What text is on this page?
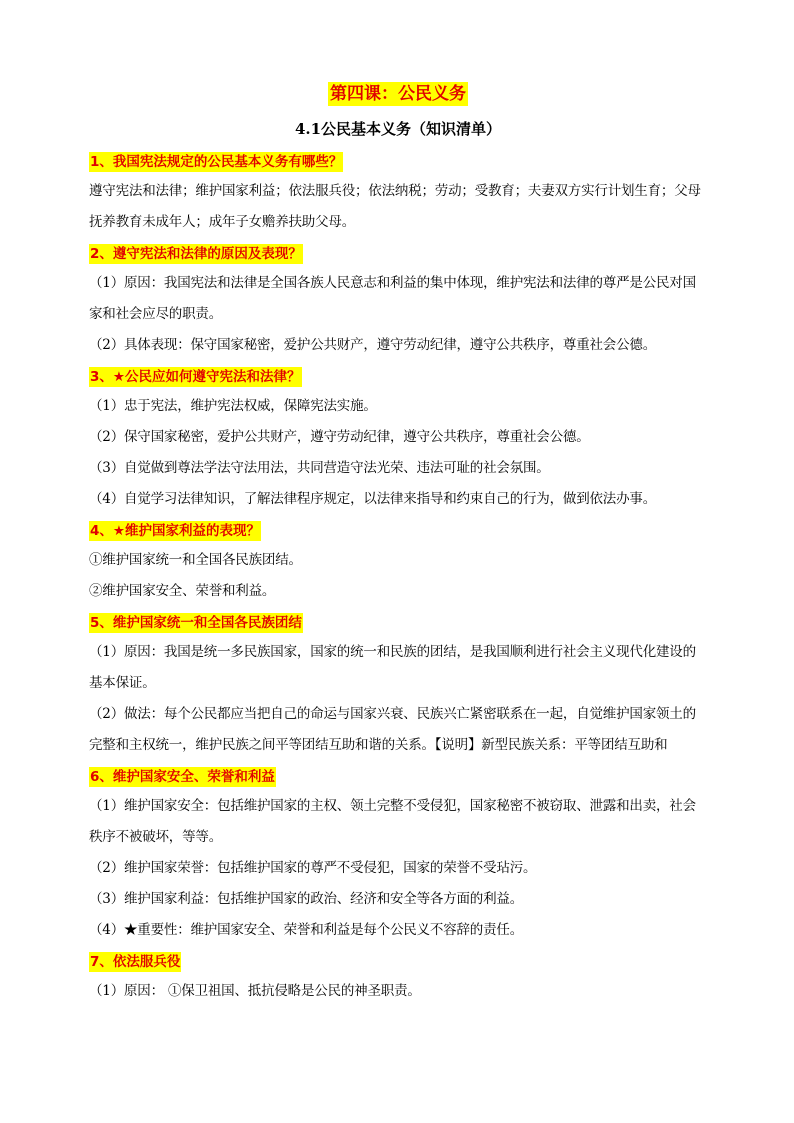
第四课：公民义务
4.1公民基本义务（知识清单）
1、我国宪法规定的公民基本义务有哪些？
遵守宪法和法律；维护国家利益；依法服兵役；依法纳税；劳动；受教育；夫妻双方实行计划生育；父母抚养教育未成年人；成年子女赡养扶助父母。
2、遵守宪法和法律的原因及表现？
（1）原因：我国宪法和法律是全国各族人民意志和利益的集中体现，维护宪法和法律的尊严是公民对国家和社会应尽的职责。
（2）具体表现：保守国家秘密，爱护公共财产，遵守劳动纪律，遵守公共秩序，尊重社会公德。
3、★公民应如何遵守宪法和法律？
（1）忠于宪法，维护宪法权威，保障宪法实施。
（2）保守国家秘密，爱护公共财产，遵守劳动纪律，遵守公共秩序，尊重社会公德。
（3）自觉做到尊法学法守法用法，共同营造守法光荣、违法可耻的社会氛围。
（4）自觉学习法律知识，了解法律程序规定，以法律来指导和约束自己的行为，做到依法办事。
4、★维护国家利益的表现？
①维护国家统一和全国各民族团结。
②维护国家安全、荣誉和利益。
5、维护国家统一和全国各民族团结
（1）原因：我国是统一多民族国家，国家的统一和民族的团结，是我国顺利进行社会主义现代化建设的基本保证。
（2）做法：每个公民都应当把自己的命运与国家兴衰、民族兴亡紧密联系在一起，自觉维护国家领土的完整和主权统一，维护民族之间平等团结互助和谐的关系。【说明】新型民族关系：平等团结互助和
6、维护国家安全、荣誉和利益
（1）维护国家安全：包括维护国家的主权、领土完整不受侵犯，国家秘密不被窃取、泄露和出卖，社会秩序不被破坏，等等。
（2）维护国家荣誉：包括维护国家的尊严不受侵犯，国家的荣誉不受玷污。
（3）维护国家利益：包括维护国家的政治、经济和安全等各方面的利益。
（4）★重要性：维护国家安全、荣誉和利益是每个公民义不容辞的责任。
7、依法服兵役
（1）原因： ①保卫祖国、抵抗侵略是公民的神圣职责。
